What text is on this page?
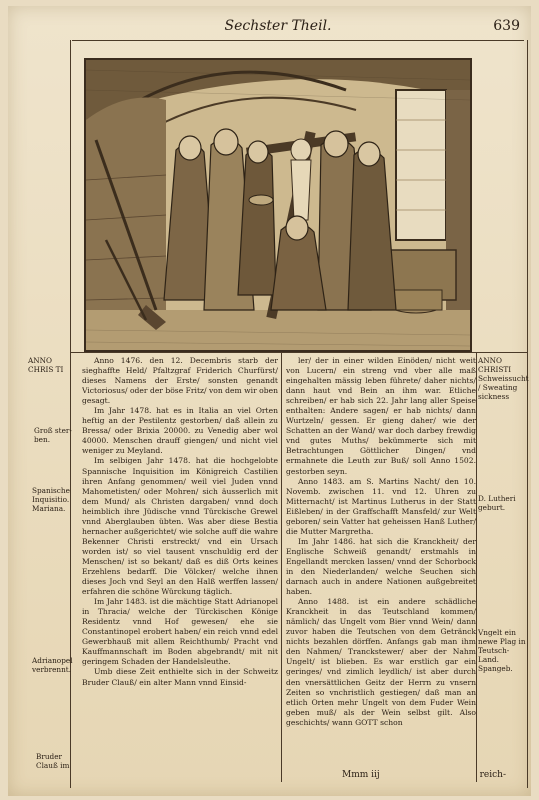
Sechster Theil.	639
ANNO CHRIS TI
Groß ster- ben.
Spanische Inquisitio. Mariana.
Adrianopel verbrennt.
Bruder Clauß im

Anno 1476. den 12. Decembris starb der sieghaffte Held/ Pfaltzgraf Friderich Churfürst/ dieses Namens der Erste/ sonsten genandt Victoriosus/ oder der böse Fritz/ von dem wir oben gesagt.

Im Jahr 1478. hat es in Italia an viel Orten heftig an der Pestilentz gestorben/ daß allein zu Bressa/ oder Brixia 20000. zu Venedig aber wol 40000. Menschen drauff giengen/ und nicht viel weniger zu Meyland.

Im selbigen Jahr 1478. hat die hochgelobte Spannische Inquisition im Königreich Castilien ihren Anfang genommen/ weil viel Juden vnnd Mahometisten/ oder Mohren/ sich äusserlich mit dem Mund/ als Christen dargaben/ vnnd doch heimblich ihre Jüdische vnnd Türckische Grewel vnnd Aberglauben übten. Was aber diese Bestia hernacher außgerichtet/ wie solche auff die wahre Bekenner Christi erstreckt/ vnd ein Ursach worden ist/ so viel tausent vnschuldig erd der Menschen/ ist so bekant/ daß es diß Orts keines Erzehlens bedarff. Die Völcker/ welche ihnen dieses Joch vnd Seyl an den Halß werffen lassen/ erfahren die schöne Würckung täglich.

Im Jahr 1483. ist die mächtige Statt Adrianopel in Thracia/ welche der Türckischen Könige Residentz vnnd Hof gewesen/ ehe sie Constantinopel erobert haben/ ein reich vnnd edel Gewerbhauß mit allem Reichthumb/ Pracht vnd Kauffmannschaft im Boden abgebrandt/ mit nit geringem Schaden der Handelsleuthe.

Umb diese Zeit enthielte sich in der Schweitz Bruder Clauß/ ein alter Mann vnnd Einsid-

ler/ der in einer wilden Einöden/ nicht weit von Lucern/ ein streng vnd vber alle maß eingehalten mässig leben führete/ daher nichts/ dann haut vnd Bein an ihm war. Etliche schreiben/ er hab sich 22. Jahr lang aller Speise enthalten: Andere sagen/ er hab nichts/ dann Wurtzeln/ gessen. Er gieng daher/ wie der Schatten an der Wand/ war doch darbey frewdig vnd gutes Muths/ bekümmerte sich mit Betrachtungen Göttlicher Dingen/ vnd ermahnete die Leuth zur Buß/ soll Anno 1502. gestorben seyn.

Anno 1483. am S. Martins Nacht/ den 10. Novemb. zwischen 11. vnd 12. Uhren zu Mitternacht/ ist Martinus Lutherus in der Statt Eißleben/ in der Graffschafft Mansfeld/ zur Welt geboren/ sein Vatter hat geheissen Hanß Luther/ die Mutter Margretha.

Im Jahr 1486. hat sich die Kranckheit/ der Englische Schweiß genandt/ erstmahls in Engellandt mercken lassen/ vnnd der Schorbock in den Niederlanden/ welche Seuchen sich darnach auch in andere Nationen außgebreitet haben.

Anno 1488. ist ein andere schädliche Kranckheit in das Teutschland kommen/ nämlich/ das Ungelt vom Bier vnnd Wein/ dann zuvor haben die Teutschen von dem Getränck nichts bezahlen dörffen. Anfangs gab man ihm den Nahmen/ Tranckstewer/ aber der Nahm Ungelt/ ist blieben. Es war erstlich gar ein geringes/ vnd zimlich leydlich/ ist aber durch den vnersättlichen Geitz der Herrn zu vnsern Zeiten so vnchristlich gestiegen/ daß man an etlich Orten mehr Ungelt von dem Fuder Wein geben muß/ als der Wein selbst gilt. Also geschichts/ wann GOTT schon

ANNO CHRISTI Schweissucht / Sweating sickness
D. Lutheri geburt.
Vngelt ein newe Plag in Teutsch- Land. Spangeb.
Mmm iij	reich-
